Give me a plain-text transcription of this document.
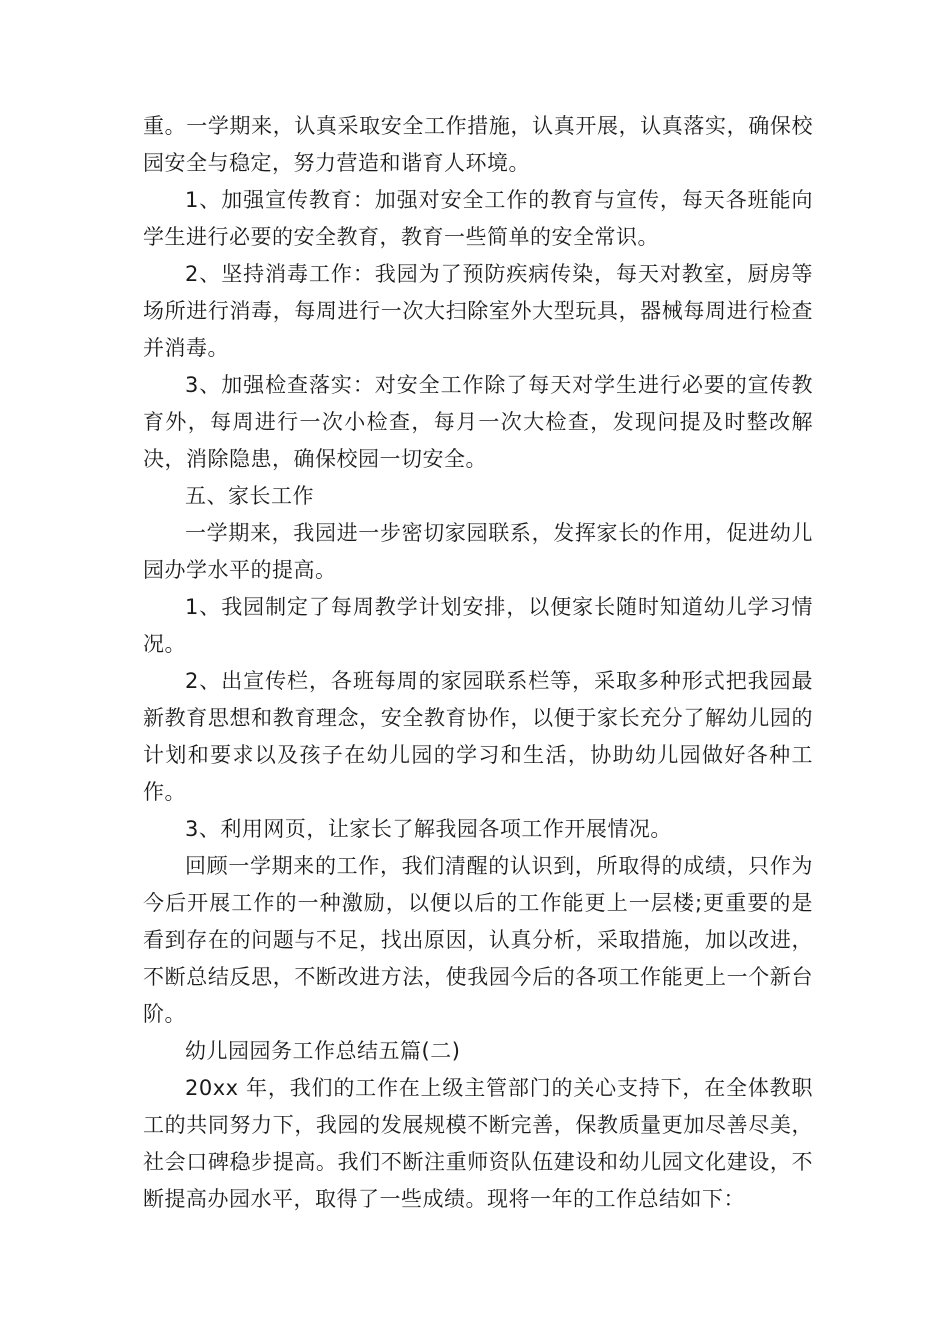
重。一学期来，认真采取安全工作措施，认真开展，认真落实，确保校园安全与稳定，努力营造和谐育人环境。

1、加强宣传教育：加强对安全工作的教育与宣传，每天各班能向学生进行必要的安全教育，教育一些简单的安全常识。

2、坚持消毒工作：我园为了预防疾病传染，每天对教室，厨房等场所进行消毒，每周进行一次大扫除室外大型玩具，器械每周进行检查并消毒。

3、加强检查落实：对安全工作除了每天对学生进行必要的宣传教育外，每周进行一次小检查，每月一次大检查，发现问提及时整改解决，消除隐患，确保校园一切安全。

五、家长工作

一学期来，我园进一步密切家园联系，发挥家长的作用，促进幼儿园办学水平的提高。

1、我园制定了每周教学计划安排，以便家长随时知道幼儿学习情况。

2、出宣传栏，各班每周的家园联系栏等，采取多种形式把我园最新教育思想和教育理念，安全教育协作，以便于家长充分了解幼儿园的计划和要求以及孩子在幼儿园的学习和生活，协助幼儿园做好各种工作。

3、利用网页，让家长了解我园各项工作开展情况。

回顾一学期来的工作，我们清醒的认识到，所取得的成绩，只作为今后开展工作的一种激励，以便以后的工作能更上一层楼;更重要的是看到存在的问题与不足，找出原因，认真分析，采取措施，加以改进，不断总结反思，不断改进方法，使我园今后的各项工作能更上一个新台阶。

幼儿园园务工作总结五篇(二)

20xx 年，我们的工作在上级主管部门的关心支持下，在全体教职工的共同努力下，我园的发展规模不断完善，保教质量更加尽善尽美，社会口碑稳步提高。我们不断注重师资队伍建设和幼儿园文化建设，不断提高办园水平，取得了一些成绩。现将一年的工作总结如下：
